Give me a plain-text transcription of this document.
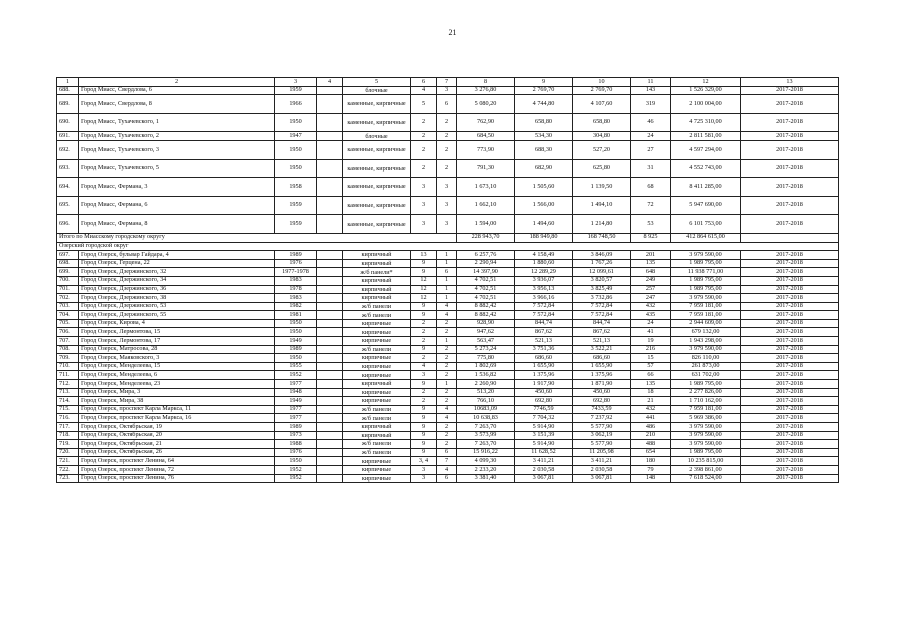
21
1	2	3	4	5	6	7	8	9	10	11	12	13
688.	Город Миасс, Свердлова, 6	1959		блочные	4	3	3 276,80	2 769,70	2 769,70	143	1 526 329,00	2017-2018
689.	Город Миасс, Свердлова, 8	1966		каменные, кирпичные	5	6	5 080,20	4 744,80	4 107,60	319	2 100 004,00	2017-2018
690.	Город Миасс, Тухачевского, 1	1950		каменные, кирпичные	2	2	762,90	658,80	658,80	46	4 725 310,00	2017-2018
691.	Город Миасс, Тухачевского, 2	1947		блочные	2	2	684,50	534,30	304,80	24	2 811 581,00	2017-2018
692.	Город Миасс, Тухачевского, 3	1950		каменные, кирпичные	2	2	773,90	688,30	527,20	27	4 597 294,00	2017-2018
693.	Город Миасс, Тухачевского, 5	1950		каменные, кирпичные	2	2	791,30	682,90	625,80	31	4 552 743,00	2017-2018
694.	Город Миасс, Ферманa, 3	1958		каменные, кирпичные	3	3	1 673,10	1 505,60	1 139,50	68	8 411 285,00	2017-2018
695.	Город Миасс, Ферманa, 6	1959		каменные, кирпичные	3	3	1 662,10	1 566,00	1 494,10	72	5 947 690,00	2017-2018
696.	Город Миасс, Ферманa, 8	1959		каменные, кирпичные	3	3	1 594,00	1 494,60	1 214,80	53	6 101 753,00	2017-2018
Итого по Миасскому городскому округу							228 943,70	188 949,80	168 748,50	8 925	412 864 615,00	
Озерский городской округ												
697.	Город Озерск, бульвар Гайдара, 4	1989		кирпичный	13	1	6 257,76	4 158,49	3 846,09	201	3 979 590,00	2017-2018
698.	Город Озерск, Герцена, 22	1976		кирпичный	9	1	2 290,94	1 880,60	1 767,26	135	1 989 795,00	2017-2018
699.	Город Озерск, Дзержинского, 32	1977-1978		ж/б панели*	9	6	14 397,90	12 289,29	12 099,61	648	11 938 771,00	2017-2018
700.	Город Озерск, Дзержинского, 34	1983		кирпичный	12	1	4 702,51	3 936,07	3 820,57	249	1 989 795,00	2017-2018
701.	Город Озерск, Дзержинского, 36	1978		кирпичный	12	1	4 702,51	3 956,13	3 825,49	257	1 989 795,00	2017-2018
702.	Город Озерск, Дзержинского, 38	1983		кирпичный	12	1	4 702,51	3 966,16	3 732,86	247	3 979 590,00	2017-2018
703.	Город Озерск, Дзержинского, 53	1982		ж/б панели	9	4	8 882,42	7 572,84	7 572,84	432	7 959 181,00	2017-2018
704.	Город Озерск, Дзержинского, 55	1981		ж/б панели	9	4	8 882,42	7 572,84	7 572,84	435	7 959 181,00	2017-2018
705.	Город Озерск, Кирова, 4	1950		кирпичные	2	2	928,90	844,74	844,74	24	2 944 609,00	2017-2018
706.	Город Озерск, Лермонтова, 15	1950		кирпичные	2	2	947,62	867,62	867,62	41	679 132,00	2017-2018
707.	Город Озерск, Лермонтова, 17	1949		кирпичные	2	1	563,47	521,13	521,13	19	1 943 298,00	2017-2018
708.	Город Озерск, Матросова, 28	1989		ж/б панели	9	2	5 273,24	3 751,36	3 522,21	216	3 979 590,00	2017-2018
709.	Город Озерск, Маяковского, 3	1950		кирпичные	2	2	775,80	686,60	686,60	15	826 110,00	2017-2018
710.	Город Озерск, Менделеева, 15	1955		кирпичные	4	2	1 802,69	1 655,90	1 655,90	57	261 873,00	2017-2018
711.	Город Озерск, Менделеева, 6	1952		кирпичные	3	2	1 536,82	1 375,96	1 375,96	66	631 702,00	2017-2018
712.	Город Озерск, Менделеева, 23	1977		кирпичный	9	1	2 260,90	1 917,90	1 871,90	135	1 989 795,00	2017-2018
713.	Город Озерск, Мира, 3	1948		кирпичные	2	2	513,20	450,60	450,60	18	2 277 826,00	2017-2018
714.	Город Озерск, Мира, 38	1949		кирпичные	2	2	766,10	692,80	692,80	21	1 710 162,00	2017-2018
715.	Город Озерск, проспект Карла Маркса, 11	1977		ж/б панели	9	4	10683,09	7746,59	7433,59	432	7 959 181,00	2017-2018
716.	Город Озерск, проспект Карла Маркса, 16	1977		ж/б панели	9	4	10 638,83	7 704,32	7 237,92	441	5 969 386,00	2017-2018
717.	Город Озерск, Октябрьская, 19	1989		кирпичный	9	2	7 263,70	5 914,90	5 577,90	486	3 979 590,00	2017-2018
718.	Город Озерск, Октябрьская, 20	1973		кирпичный	9	2	3 573,99	3 151,39	3 062,19	210	3 979 590,00	2017-2018
719.	Город Озерск, Октябрьская, 21	1988		ж/б панели	9	2	7 263,70	5 914,90	5 577,90	488	3 979 590,00	2017-2018
720.	Город Озерск, Октябрьская, 26	1976		ж/б панели	9	6	15 916,22	11 628,52	11 205,98	654	1 989 795,00	2017-2018
721.	Город Озерск, проспект Ленина, 64	1950		кирпичные	3, 4	7	4 099,30	3 411,21	3 411,21	180	10 235 815,00	2017-2018
722.	Город Озерск, проспект Ленина, 72	1952		кирпичные	3	4	2 233,20	2 030,58	2 030,58	79	2 398 861,00	2017-2018
723.	Город Озерск, проспект Ленина, 76	1952		кирпичные	3	6	3 381,40	3 067,81	3 067,81	148	7 618 524,00	2017-2018
